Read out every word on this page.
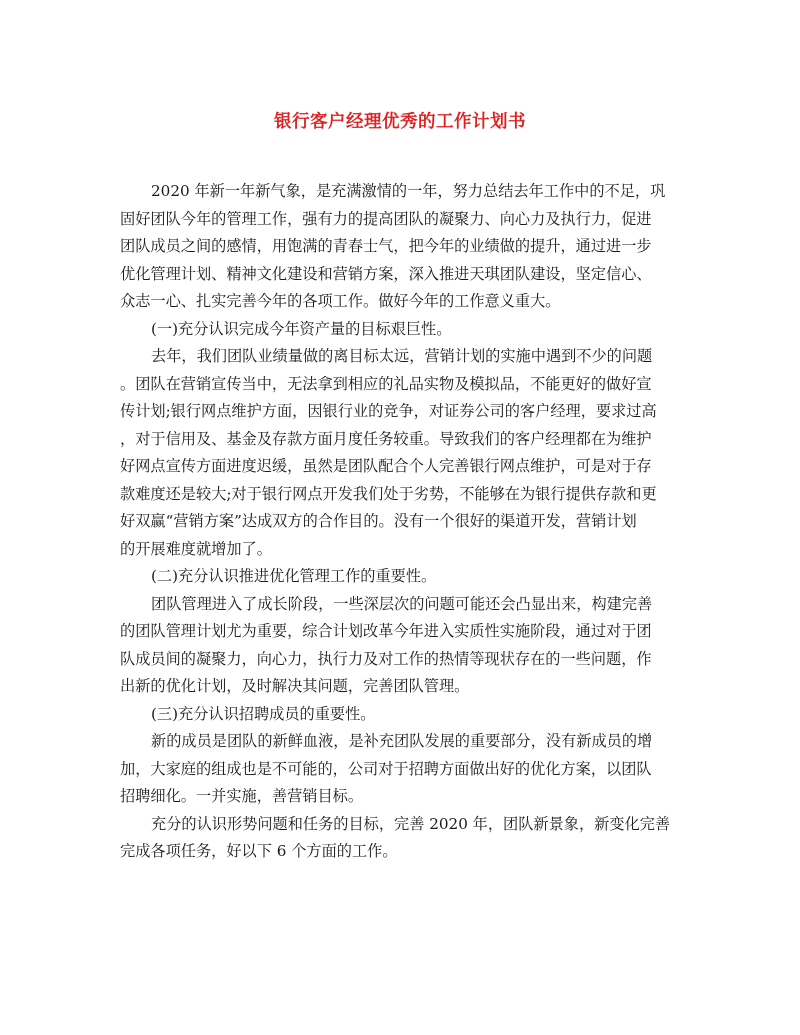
银行客户经理优秀的工作计划书
2020 年新一年新气象，是充满激情的一年，努力总结去年工作中的不足，巩
固好团队今年的管理工作，强有力的提高团队的凝聚力、向心力及执行力，促进
团队成员之间的感情，用饱满的青春士气，把今年的业绩做的提升，通过进一步
优化管理计划、精神文化建设和营销方案，深入推进天琪团队建设，坚定信心、
众志一心、扎实完善今年的各项工作。做好今年的工作意义重大。
(一)充分认识完成今年资产量的目标艰巨性。
去年，我们团队业绩量做的离目标太远，营销计划的实施中遇到不少的问题
。团队在营销宣传当中，无法拿到相应的礼品实物及模拟品，不能更好的做好宣
传计划;银行网点维护方面，因银行业的竞争，对证券公司的客户经理，要求过高
，对于信用及、基金及存款方面月度任务较重。导致我们的客户经理都在为维护
好网点宣传方面进度迟缓，虽然是团队配合个人完善银行网点维护，可是对于存
款难度还是较大;对于银行网点开发我们处于劣势，不能够在为银行提供存款和更
好双赢“营销方案”达成双方的合作目的。没有一个很好的渠道开发，营销计划
的开展难度就增加了。
(二)充分认识推进优化管理工作的重要性。
团队管理进入了成长阶段，一些深层次的问题可能还会凸显出来，构建完善
的团队管理计划尤为重要，综合计划改革今年进入实质性实施阶段，通过对于团
队成员间的凝聚力，向心力，执行力及对工作的热情等现状存在的一些问题，作
出新的优化计划，及时解决其问题，完善团队管理。
(三)充分认识招聘成员的重要性。
新的成员是团队的新鲜血液，是补充团队发展的重要部分，没有新成员的增
加，大家庭的组成也是不可能的，公司对于招聘方面做出好的优化方案，以团队
招聘细化。一并实施，善营销目标。
充分的认识形势问题和任务的目标，完善 2020 年，团队新景象，新变化完善
完成各项任务，好以下 6 个方面的工作。
